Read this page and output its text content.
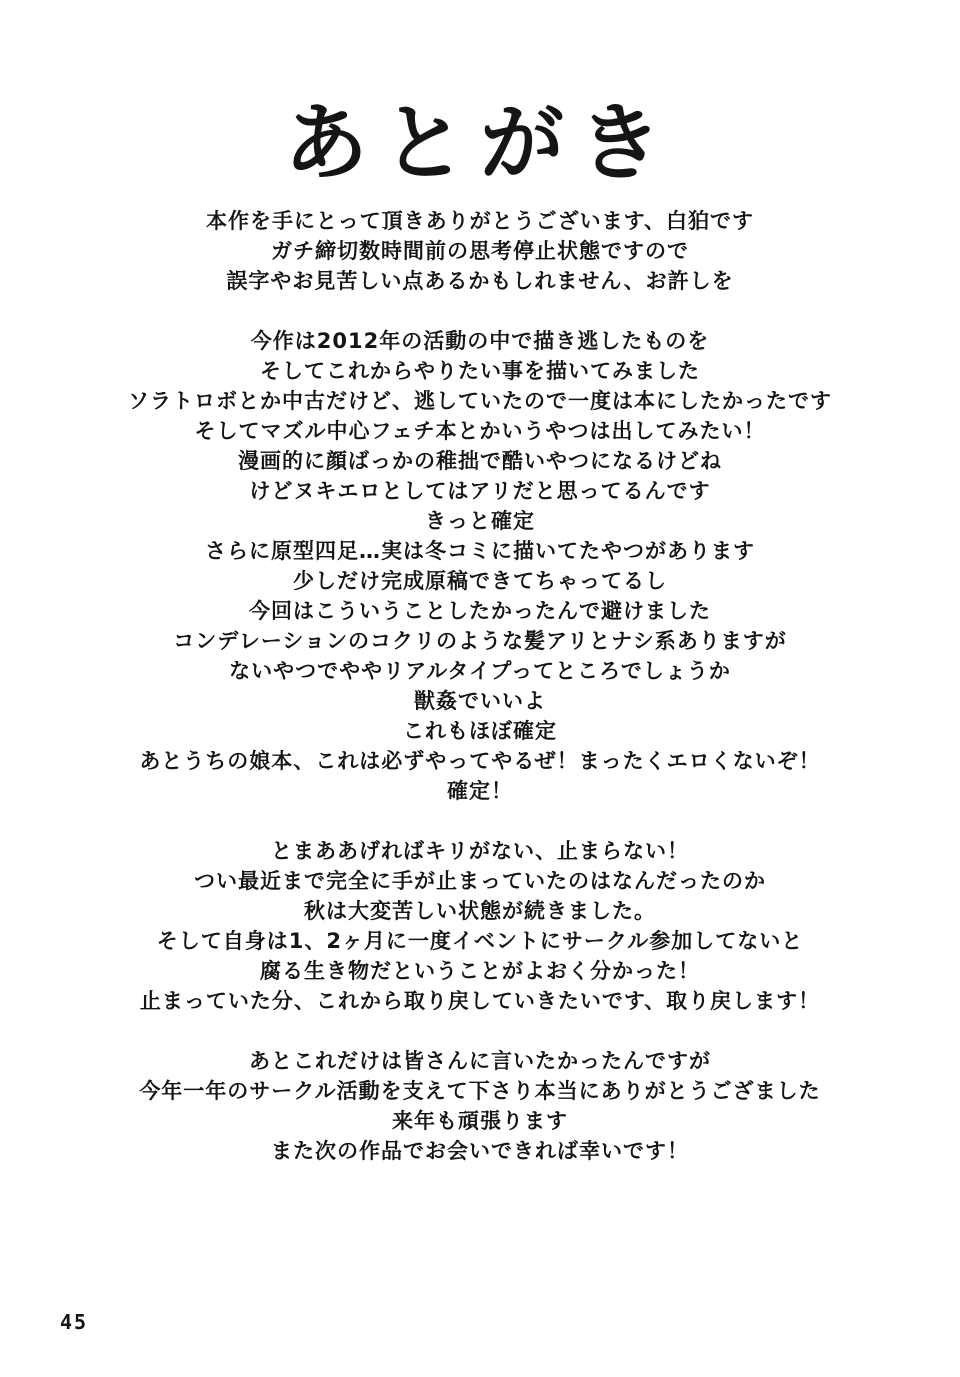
あとがき
本作を手にとって頂きありがとうございます、白狛です
ガチ締切数時間前の思考停止状態ですので
誤字やお見苦しい点あるかもしれません、お許しを
今作は2012年の活動の中で描き逃したものを
そしてこれからやりたい事を描いてみました
ソラトロボとか中古だけど、逃していたので一度は本にしたかったです
そしてマズル中心フェチ本とかいうやつは出してみたい！
漫画的に顔ばっかの稚拙で酷いやつになるけどね
けどヌキエロとしてはアリだと思ってるんです
きっと確定
さらに原型四足…実は冬コミに描いてたやつがあります
少しだけ完成原稿できてちゃってるし
今回はこういうことしたかったんで避けました
コンデレーションのコクリのような髪アリとナシ系ありますが
ないやつでややリアルタイプってところでしょうか
獣姦でいいよ
これもほぼ確定
あとうちの娘本、これは必ずやってやるぜ！まったくエロくないぞ！
確定！
とまああげればキリがない、止まらない！
つい最近まで完全に手が止まっていたのはなんだったのか
秋は大変苦しい状態が続きました。
そして自身は1、2ヶ月に一度イベントにサークル参加してないと
腐る生き物だということがよおく分かった！
止まっていた分、これから取り戻していきたいです、取り戻します！
あとこれだけは皆さんに言いたかったんですが
今年一年のサークル活動を支えて下さり本当にありがとうござました
来年も頑張ります
また次の作品でお会いできれば幸いです！
45
